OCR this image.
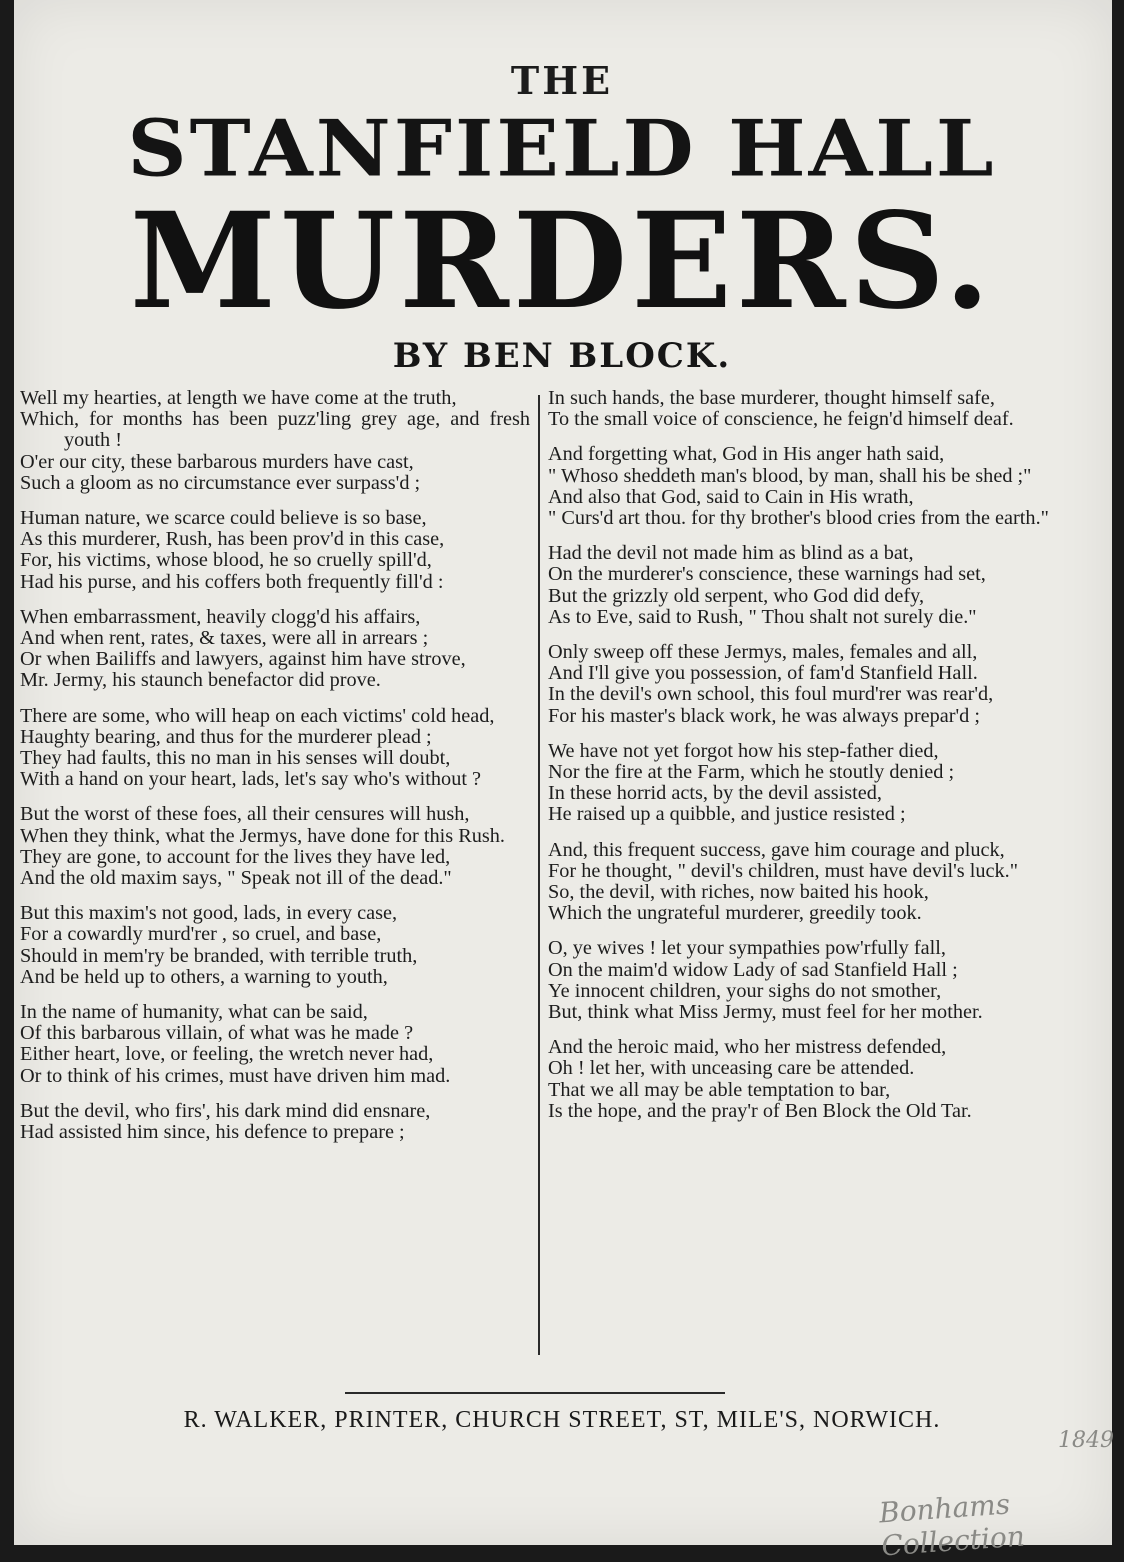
THE
STANFIELD HALL
MURDERS.
BY BEN BLOCK.

Well my hearties, at length we have come at the truth,

Which, for months has been puzz'ling grey age, and fresh youth !

O'er our city, these barbarous murders have cast,

Such a gloom as no circumstance ever surpass'd ;

Human nature, we scarce could believe is so base,

As this murderer, Rush, has been prov'd in this case,

For, his victims, whose blood, he so cruelly spill'd,

Had his purse, and his coffers both frequently fill'd :

When embarrassment, heavily clogg'd his affairs,

And when rent, rates, & taxes, were all in arrears ;

Or when Bailiffs and lawyers, against him have strove,

Mr. Jermy, his staunch benefactor did prove.

There are some, who will heap on each victims' cold head,

Haughty bearing, and thus for the murderer plead ;

They had faults, this no man in his senses will doubt,

With a hand on your heart, lads, let's say who's without ?

But the worst of these foes, all their censures will hush,

When they think, what the Jermys, have done for this Rush.

They are gone, to account for the lives they have led,

And the old maxim says, " Speak not ill of the dead."

But this maxim's not good, lads, in every case,

For a cowardly murd'rer , so cruel, and base,

Should in mem'ry be branded, with terrible truth,

And be held up to others, a warning to youth,

In the name of humanity, what can be said,

Of this barbarous villain, of what was he made ?

Either heart, love, or feeling, the wretch never had,

Or to think of his crimes, must have driven him mad.

But the devil, who firs', his dark mind did ensnare,

Had assisted him since, his defence to prepare ;

In such hands, the base murderer, thought himself safe,

To the small voice of conscience, he feign'd himself deaf.

And forgetting what, God in His anger hath said,

" Whoso sheddeth man's blood, by man, shall his be shed ;"

And also that God, said to Cain in His wrath,

" Curs'd art thou. for thy brother's blood cries from the earth."

Had the devil not made him as blind as a bat,

On the murderer's conscience, these warnings had set,

But the grizzly old serpent, who God did defy,

As to Eve, said to Rush, " Thou shalt not surely die."

Only sweep off these Jermys, males, females and all,

And I'll give you possession, of fam'd Stanfield Hall.

In the devil's own school, this foul murd'rer was rear'd,

For his master's black work, he was always prepar'd ;

We have not yet forgot how his step-father died,

Nor the fire at the Farm, which he stoutly denied ;

In these horrid acts, by the devil assisted,

He raised up a quibble, and justice resisted ;

And, this frequent success, gave him courage and pluck,

For he thought, " devil's children, must have devil's luck."

So, the devil, with riches, now baited his hook,

Which the ungrateful murderer, greedily took.

O, ye wives ! let your sympathies pow'rfully fall,

On the maim'd widow Lady of sad Stanfield Hall ;

Ye innocent children, your sighs do not smother,

But, think what Miss Jermy, must feel for her mother.

And the heroic maid, who her mistress defended,

Oh ! let her, with unceasing care be attended.

That we all may be able temptation to bar,

Is the hope, and the pray'r of Ben Block the Old Tar.

R. WALKER, PRINTER, CHURCH STREET, ST, MILE'S, NORWICH.
1849
Bonhams Collection
